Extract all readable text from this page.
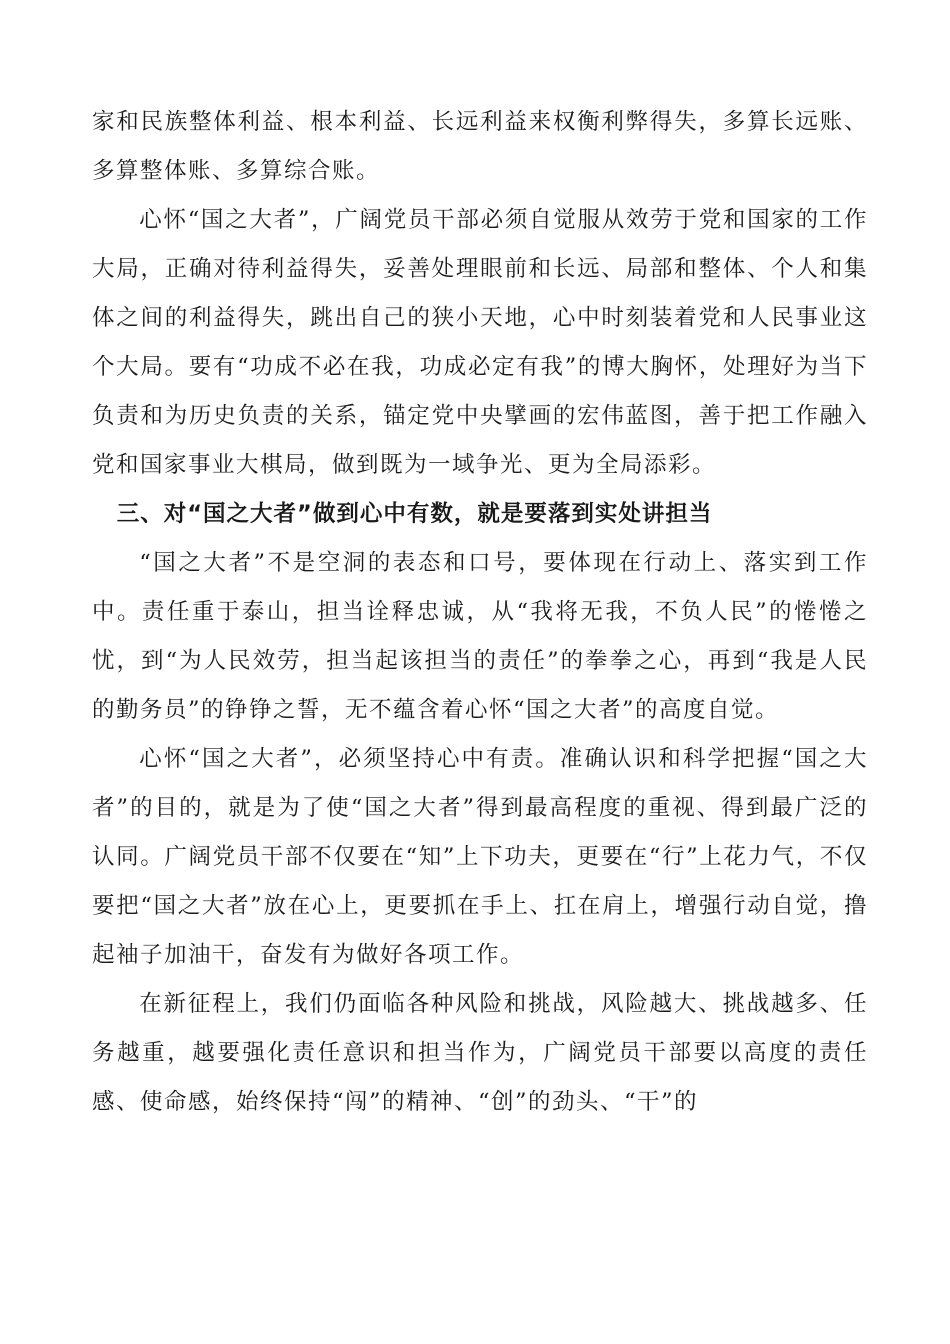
家和民族整体利益、根本利益、长远利益来权衡利弊得失，多算长远账、多算整体账、多算综合账。

心怀“国之大者”，广阔党员干部必须自觉服从效劳于党和国家的工作大局，正确对待利益得失，妥善处理眼前和长远、局部和整体、个人和集体之间的利益得失，跳出自己的狭小天地，心中时刻装着党和人民事业这个大局。要有“功成不必在我，功成必定有我”的博大胸怀，处理好为当下负责和为历史负责的关系，锚定党中央擘画的宏伟蓝图，善于把工作融入党和国家事业大棋局，做到既为一域争光、更为全局添彩。

三、对“国之大者”做到心中有数，就是要落到实处讲担当

“国之大者”不是空洞的表态和口号，要体现在行动上、落实到工作中。责任重于泰山，担当诠释忠诚，从“我将无我，不负人民”的惓惓之忧，到“为人民效劳，担当起该担当的责任”的拳拳之心，再到“我是人民的勤务员”的铮铮之誓，无不蕴含着心怀“国之大者”的高度自觉。

心怀“国之大者”，必须坚持心中有责。准确认识和科学把握“国之大者”的目的，就是为了使“国之大者”得到最高程度的重视、得到最广泛的认同。广阔党员干部不仅要在“知”上下功夫，更要在“行”上花力气，不仅要把“国之大者”放在心上，更要抓在手上、扛在肩上，增强行动自觉，撸起袖子加油干，奋发有为做好各项工作。

在新征程上，我们仍面临各种风险和挑战，风险越大、挑战越多、任务越重，越要强化责任意识和担当作为，广阔党员干部要以高度的责任感、使命感，始终保持“闯”的精神、“创”的劲头、“干”的
